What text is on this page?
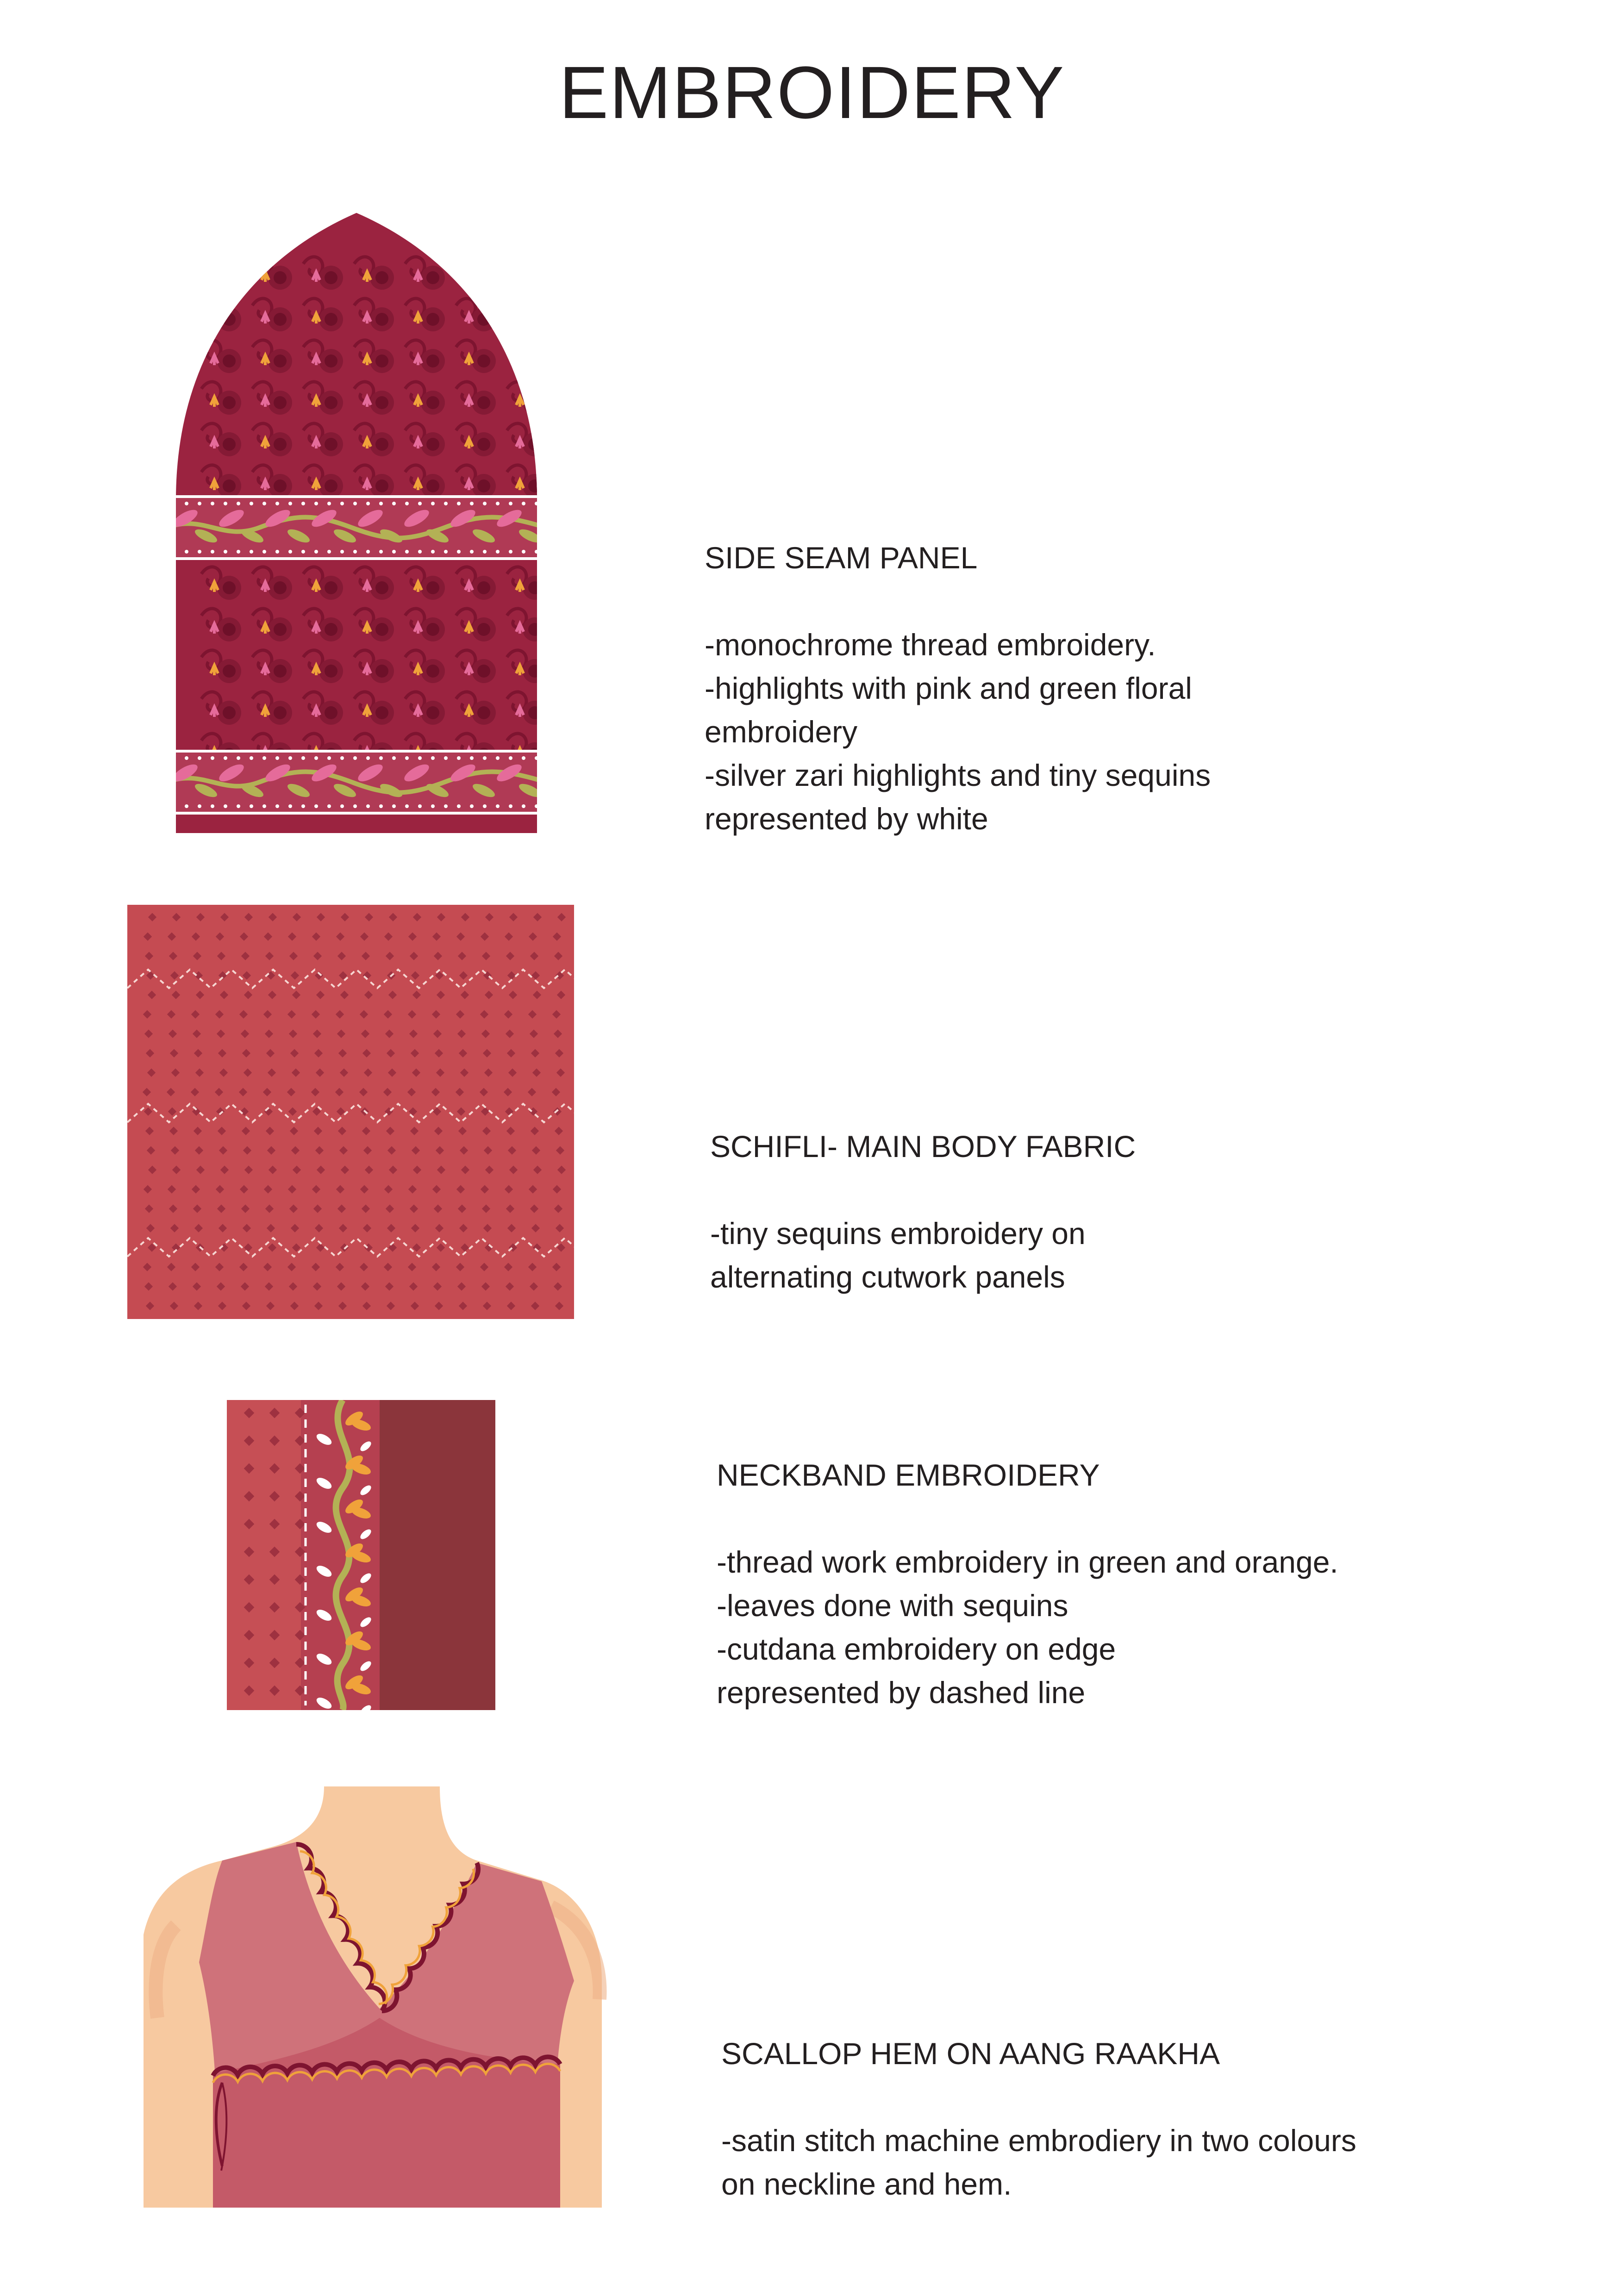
EMBROIDERY

SIDE SEAM PANEL

-monochrome thread embroidery.

-highlights with pink and green floral

embroidery

-silver zari highlights and tiny sequins

represented by white

SCHIFLI- MAIN BODY FABRIC

-tiny sequins embroidery on

alternating cutwork panels

NECKBAND EMBROIDERY

-thread work embroidery in green and orange.

-leaves done with sequins

-cutdana embroidery on edge

represented by dashed line

SCALLOP HEM ON AANG RAAKHA

-satin stitch machine embrodiery in two colours

on neckline and hem.
